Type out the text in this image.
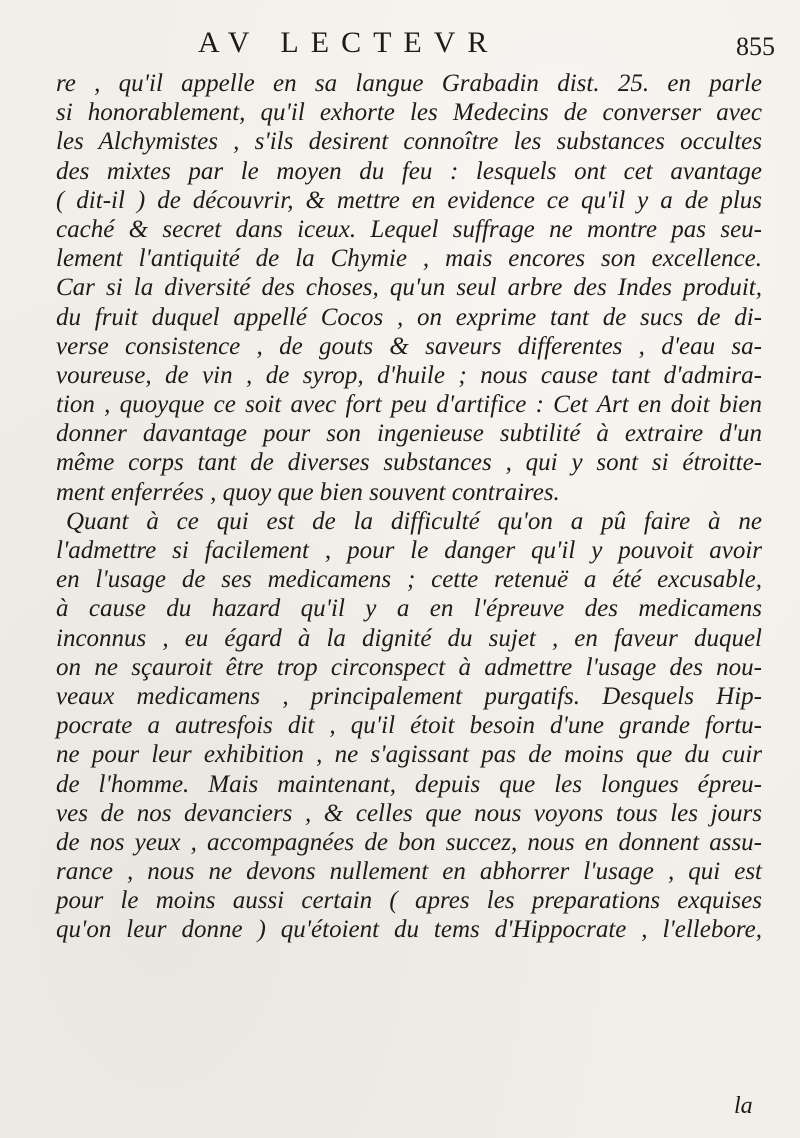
AV LECTEVR	855
re , qu'il appelle en sa langue Grabadin dist. 25. en parle
si honorablement, qu'il exhorte les Medecins de converser avec
les Alchymistes , s'ils desirent connoître les substances occultes
des mixtes par le moyen du feu : lesquels ont cet avantage
( dit-il ) de découvrir, & mettre en evidence ce qu'il y a de plus
caché & secret dans iceux. Lequel suffrage ne montre pas seu-
lement l'antiquité de la Chymie , mais encores son excellence.
Car si la diversité des choses, qu'un seul arbre des Indes produit,
du fruit duquel appellé Cocos , on exprime tant de sucs de di-
verse consistence , de gouts & saveurs differentes , d'eau sa-
voureuse, de vin , de syrop, d'huile ; nous cause tant d'admira-
tion , quoyque ce soit avec fort peu d'artifice : Cet Art en doit bien
donner davantage pour son ingenieuse subtilité à extraire d'un
même corps tant de diverses substances , qui y sont si étroitte-
ment enferrées , quoy que bien souvent contraires.
Quant à ce qui est de la difficulté qu'on a pû faire à ne
l'admettre si facilement , pour le danger qu'il y pouvoit avoir
en l'usage de ses medicamens ; cette retenuë a été excusable,
à cause du hazard qu'il y a en l'épreuve des medicamens
inconnus , eu égard à la dignité du sujet , en faveur duquel
on ne sçauroit être trop circonspect à admettre l'usage des nou-
veaux medicamens , principalement purgatifs. Desquels Hip-
pocrate a autresfois dit , qu'il étoit besoin d'une grande fortu-
ne pour leur exhibition , ne s'agissant pas de moins que du cuir
de l'homme. Mais maintenant, depuis que les longues épreu-
ves de nos devanciers , & celles que nous voyons tous les jours
de nos yeux , accompagnées de bon succez, nous en donnent assu-
rance , nous ne devons nullement en abhorrer l'usage , qui est
pour le moins aussi certain ( apres les preparations exquises
qu'on leur donne ) qu'étoient du tems d'Hippocrate , l'ellebore,
la
